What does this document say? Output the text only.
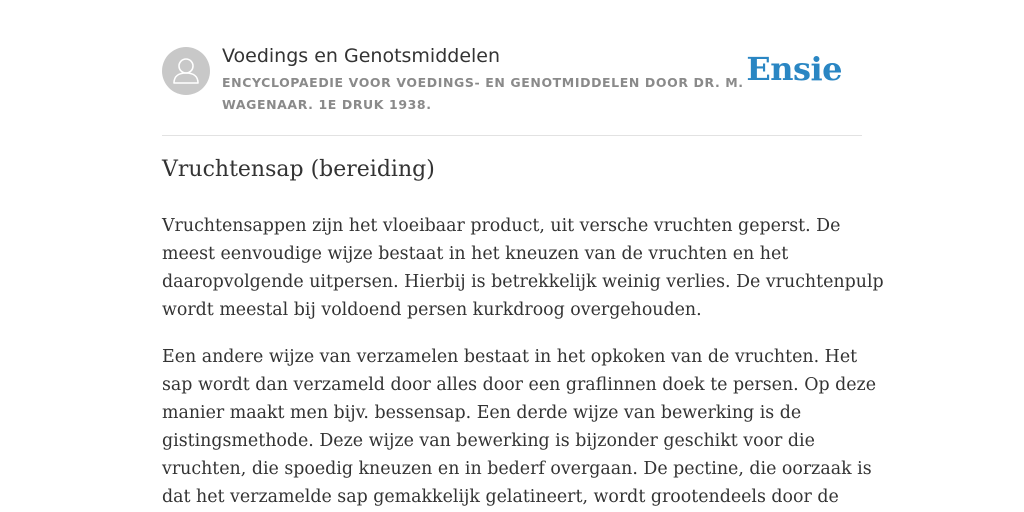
Voedings en Genotsmiddelen
ENCYCLOPAEDIE VOOR VOEDINGS- EN GENOTMIDDELEN DOOR DR. M.
WAGENAAR. 1E DRUK 1938.
Ensie
Vruchtensap (bereiding)

Vruchtensappen zijn het vloeibaar product, uit versche vruchten geperst. De
meest eenvoudige wijze bestaat in het kneuzen van de vruchten en het
daaropvolgende uitpersen. Hierbij is betrekkelijk weinig verlies. De vruchtenpulp
wordt meestal bij voldoend persen kurkdroog overgehouden.

Een andere wijze van verzamelen bestaat in het opkoken van de vruchten. Het
sap wordt dan verzameld door alles door een graflinnen doek te persen. Op deze
manier maakt men bijv. bessensap. Een derde wijze van bewerking is de
gistingsmethode. Deze wijze van bewerking is bijzonder geschikt voor die
vruchten, die spoedig kneuzen en in bederf overgaan. De pectine, die oorzaak is
dat het verzamelde sap gemakkelijk gelatineert, wordt grootendeels door de
